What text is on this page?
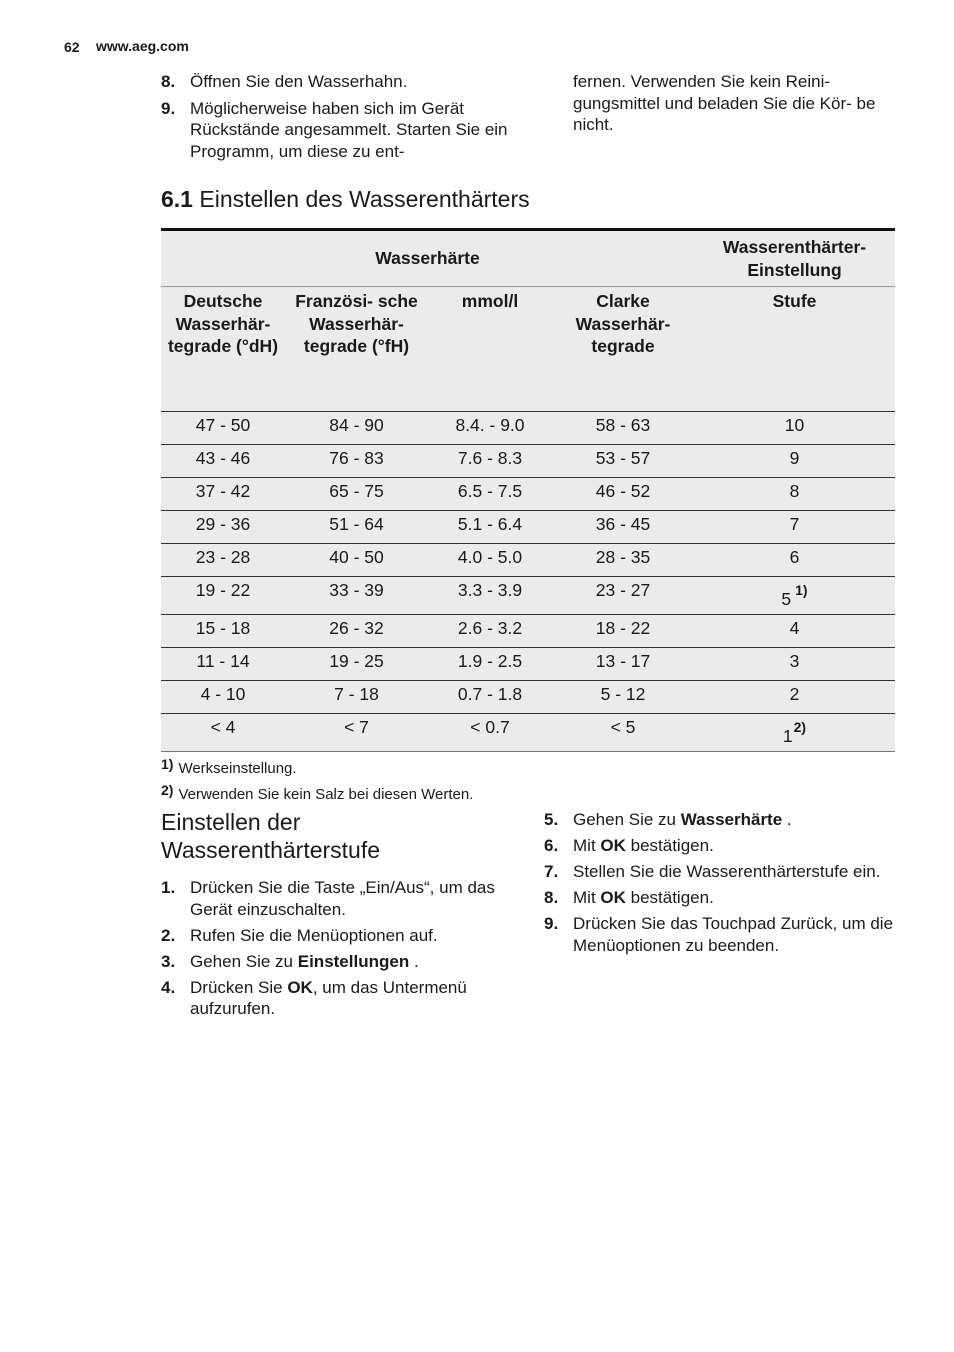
62 www.aeg.com
8. Öffnen Sie den Wasserhahn.
9. Möglicherweise haben sich im Gerät Rückstände angesammelt. Starten Sie ein Programm, um diese zu ent-
fernen. Verwenden Sie kein Reini- gungsmittel und beladen Sie die Kör- be nicht.
6.1 Einstellen des Wasserenthärters
Wasserhärte				Wasserenthärter- Einstellung
Deutsche Wasserhär- tegrade (°dH)	Französi- sche Wasserhär- tegrade (°fH)	mmol/l	Clarke Wasserhär- tegrade	Stufe
47 - 50	84 - 90	8.4. - 9.0	58 - 63	10
43 - 46	76 - 83	7.6 - 8.3	53 - 57	9
37 - 42	65 - 75	6.5 - 7.5	46 - 52	8
29 - 36	51 - 64	5.1 - 6.4	36 - 45	7
23 - 28	40 - 50	4.0 - 5.0	28 - 35	6
19 - 22	33 - 39	3.3 - 3.9	23 - 27	5 $^{1)}$
15 - 18	26 - 32	2.6 - 3.2	18 - 22	4
11 - 14	19 - 25	1.9 - 2.5	13 - 17	3
4 - 10	7 - 18	0.7 - 1.8	5 - 12	2
< 4	< 7	< 0.7	< 5	1$^{2)}$
1) Werkseinstellung.
2) Verwenden Sie kein Salz bei diesen Werten.
Einstellen der Wasserenthärterstufe
1. Drücken Sie die Taste „Ein/Aus“, um das Gerät einzuschalten.
2. Rufen Sie die Menüoptionen auf.
3. Gehen Sie zu Einstellungen .
4. Drücken Sie OK, um das Untermenü aufzurufen.
5. Gehen Sie zu Wasserhärte .
6. Mit OK bestätigen.
7. Stellen Sie die Wasserenthärterstufe ein.
8. Mit OK bestätigen.
9. Drücken Sie das Touchpad Zurück, um die Menüoptionen zu beenden.
